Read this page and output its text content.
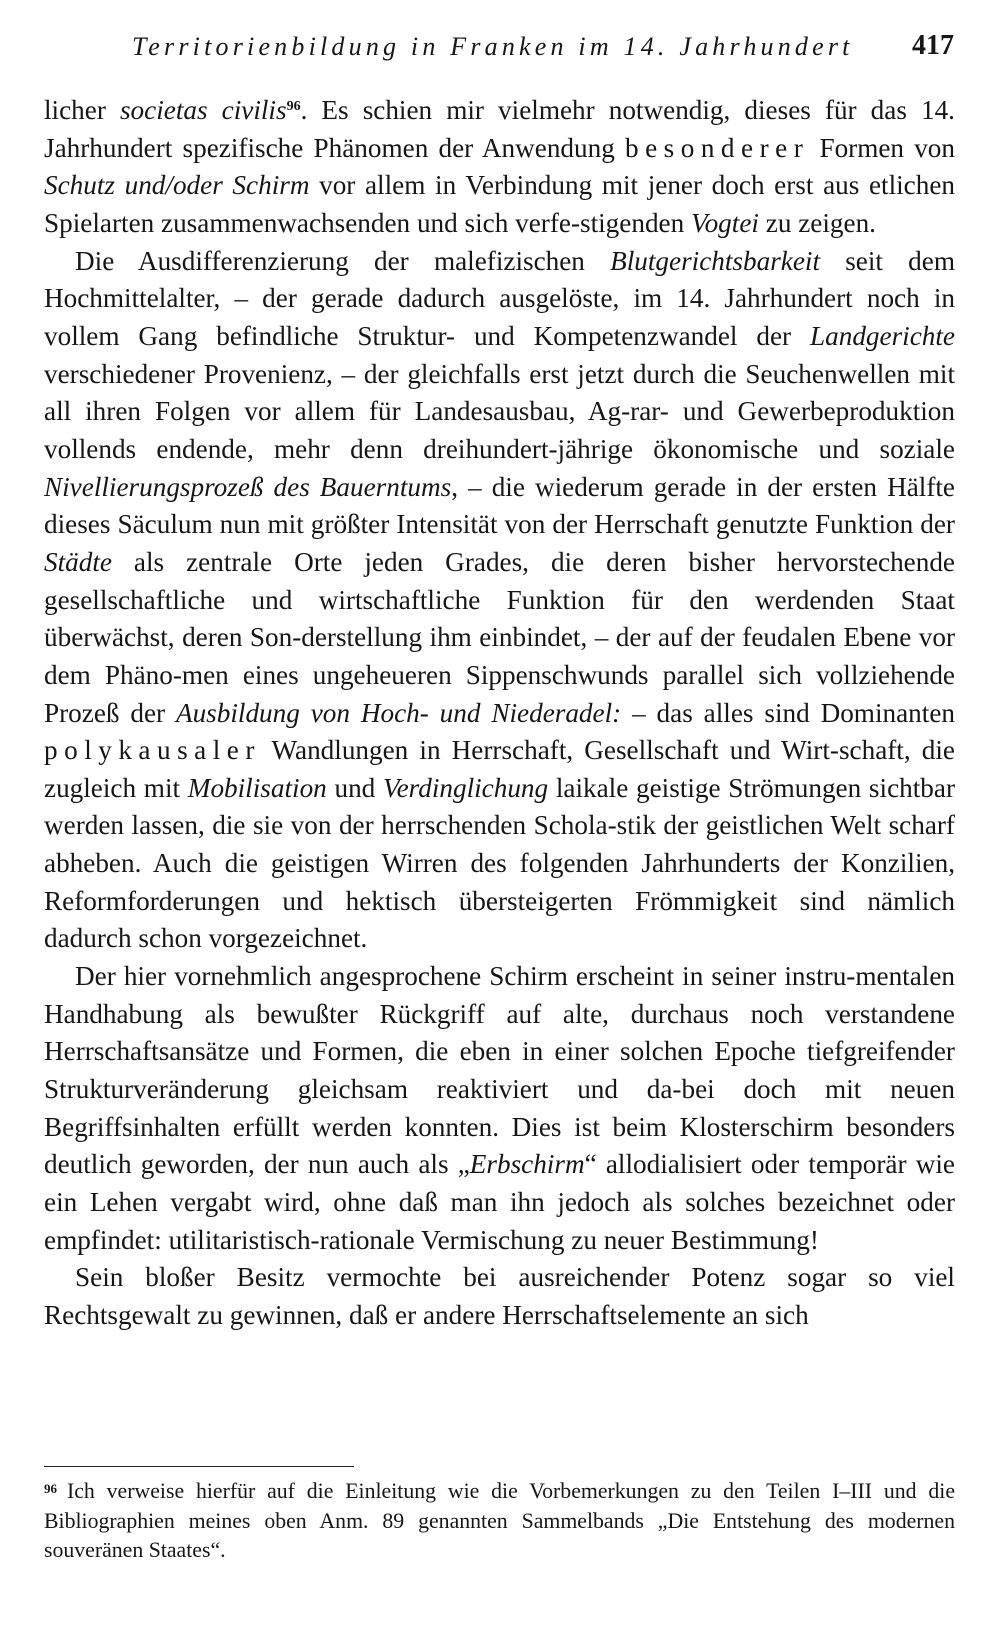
Territorienbildung in Franken im 14. Jahrhundert 417

licher societas civilis$^{96}$. Es schien mir vielmehr notwendig, dieses für das 14. Jahrhundert spezifische Phänomen der Anwendung besonderer Formen von Schutz und/oder Schirm vor allem in Verbindung mit jener doch erst aus etlichen Spielarten zusammenwachsenden und sich verfe-stigenden Vogtei zu zeigen.

Die Ausdifferenzierung der malefizischen Blutgerichtsbarkeit seit dem Hochmittelalter, – der gerade dadurch ausgelöste, im 14. Jahrhundert noch in vollem Gang befindliche Struktur- und Kompetenzwandel der Landgerichte verschiedener Provenienz, – der gleichfalls erst jetzt durch die Seuchenwellen mit all ihren Folgen vor allem für Landesausbau, Ag-rar- und Gewerbeproduktion vollends endende, mehr denn dreihundert-jährige ökonomische und soziale Nivellierungsprozeß des Bauerntums, – die wiederum gerade in der ersten Hälfte dieses Säculum nun mit größter Intensität von der Herrschaft genutzte Funktion der Städte als zentrale Orte jeden Grades, die deren bisher hervorstechende gesellschaftliche und wirtschaftliche Funktion für den werdenden Staat überwächst, deren Son-derstellung ihm einbindet, – der auf der feudalen Ebene vor dem Phäno-men eines ungeheueren Sippenschwunds parallel sich vollziehende Prozeß der Ausbildung von Hoch- und Niederadel: – das alles sind Dominanten polykausaler Wandlungen in Herrschaft, Gesellschaft und Wirt-schaft, die zugleich mit Mobilisation und Verdinglichung laikale geistige Strömungen sichtbar werden lassen, die sie von der herrschenden Schola-stik der geistlichen Welt scharf abheben. Auch die geistigen Wirren des folgenden Jahrhunderts der Konzilien, Reformforderungen und hektisch übersteigerten Frömmigkeit sind nämlich dadurch schon vorgezeichnet.

Der hier vornehmlich angesprochene Schirm erscheint in seiner instru-mentalen Handhabung als bewußter Rückgriff auf alte, durchaus noch verstandene Herrschaftsansätze und Formen, die eben in einer solchen Epoche tiefgreifender Strukturveränderung gleichsam reaktiviert und da-bei doch mit neuen Begriffsinhalten erfüllt werden konnten. Dies ist beim Klosterschirm besonders deutlich geworden, der nun auch als „Erbschirm“ allodialisiert oder temporär wie ein Lehen vergabt wird, ohne daß man ihn jedoch als solches bezeichnet oder empfindet: utilitaristisch-rationale Vermischung zu neuer Bestimmung!

Sein bloßer Besitz vermochte bei ausreichender Potenz sogar so viel Rechtsgewalt zu gewinnen, daß er andere Herrschaftselemente an sich

$^{96}$ Ich verweise hierfür auf die Einleitung wie die Vorbemerkungen zu den Teilen I–III und die Bibliographien meines oben Anm. 89 genannten Sammelbands „Die Entstehung des modernen souveränen Staates“.
